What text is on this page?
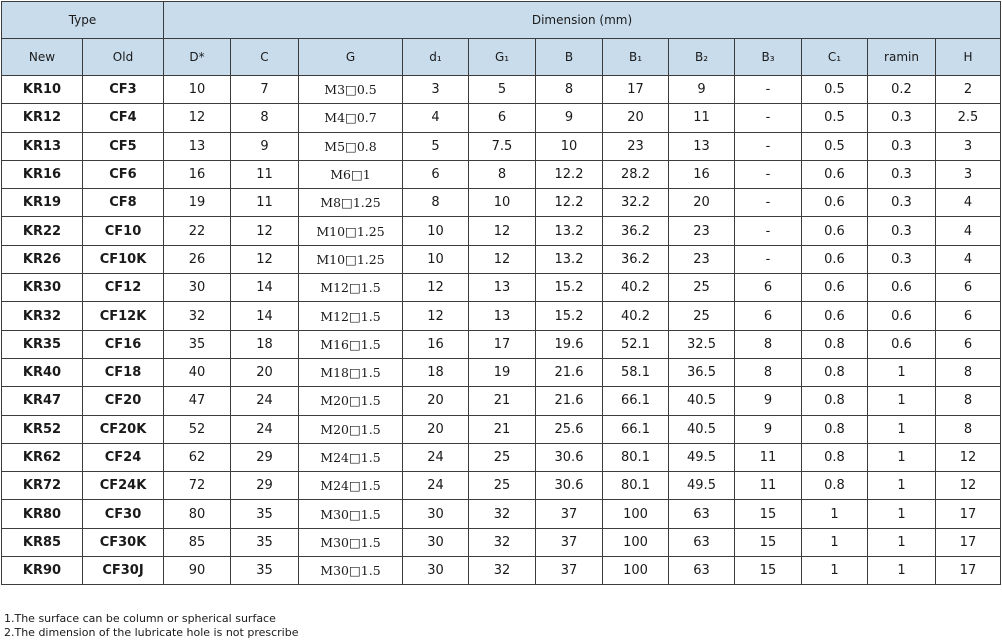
Type		Dimension (mm)											
New	Old	D*	C	G	d₁	G₁	B	B₁	B₂	B₃	C₁	ramin	H
KR10	CF3	10	7	M3□0.5	3	5	8	17	9	-	0.5	0.2	2
KR12	CF4	12	8	M4□0.7	4	6	9	20	11	-	0.5	0.3	2.5
KR13	CF5	13	9	M5□0.8	5	7.5	10	23	13	-	0.5	0.3	3
KR16	CF6	16	11	M6□1	6	8	12.2	28.2	16	-	0.6	0.3	3
KR19	CF8	19	11	M8□1.25	8	10	12.2	32.2	20	-	0.6	0.3	4
KR22	CF10	22	12	M10□1.25	10	12	13.2	36.2	23	-	0.6	0.3	4
KR26	CF10K	26	12	M10□1.25	10	12	13.2	36.2	23	-	0.6	0.3	4
KR30	CF12	30	14	M12□1.5	12	13	15.2	40.2	25	6	0.6	0.6	6
KR32	CF12K	32	14	M12□1.5	12	13	15.2	40.2	25	6	0.6	0.6	6
KR35	CF16	35	18	M16□1.5	16	17	19.6	52.1	32.5	8	0.8	0.6	6
KR40	CF18	40	20	M18□1.5	18	19	21.6	58.1	36.5	8	0.8	1	8
KR47	CF20	47	24	M20□1.5	20	21	21.6	66.1	40.5	9	0.8	1	8
KR52	CF20K	52	24	M20□1.5	20	21	25.6	66.1	40.5	9	0.8	1	8
KR62	CF24	62	29	M24□1.5	24	25	30.6	80.1	49.5	11	0.8	1	12
KR72	CF24K	72	29	M24□1.5	24	25	30.6	80.1	49.5	11	0.8	1	12
KR80	CF30	80	35	M30□1.5	30	32	37	100	63	15	1	1	17
KR85	CF30K	85	35	M30□1.5	30	32	37	100	63	15	1	1	17
KR90	CF30J	90	35	M30□1.5	30	32	37	100	63	15	1	1	17
1.The surface can be column or spherical surface
2.The dimension of the lubricate hole is not prescribe
